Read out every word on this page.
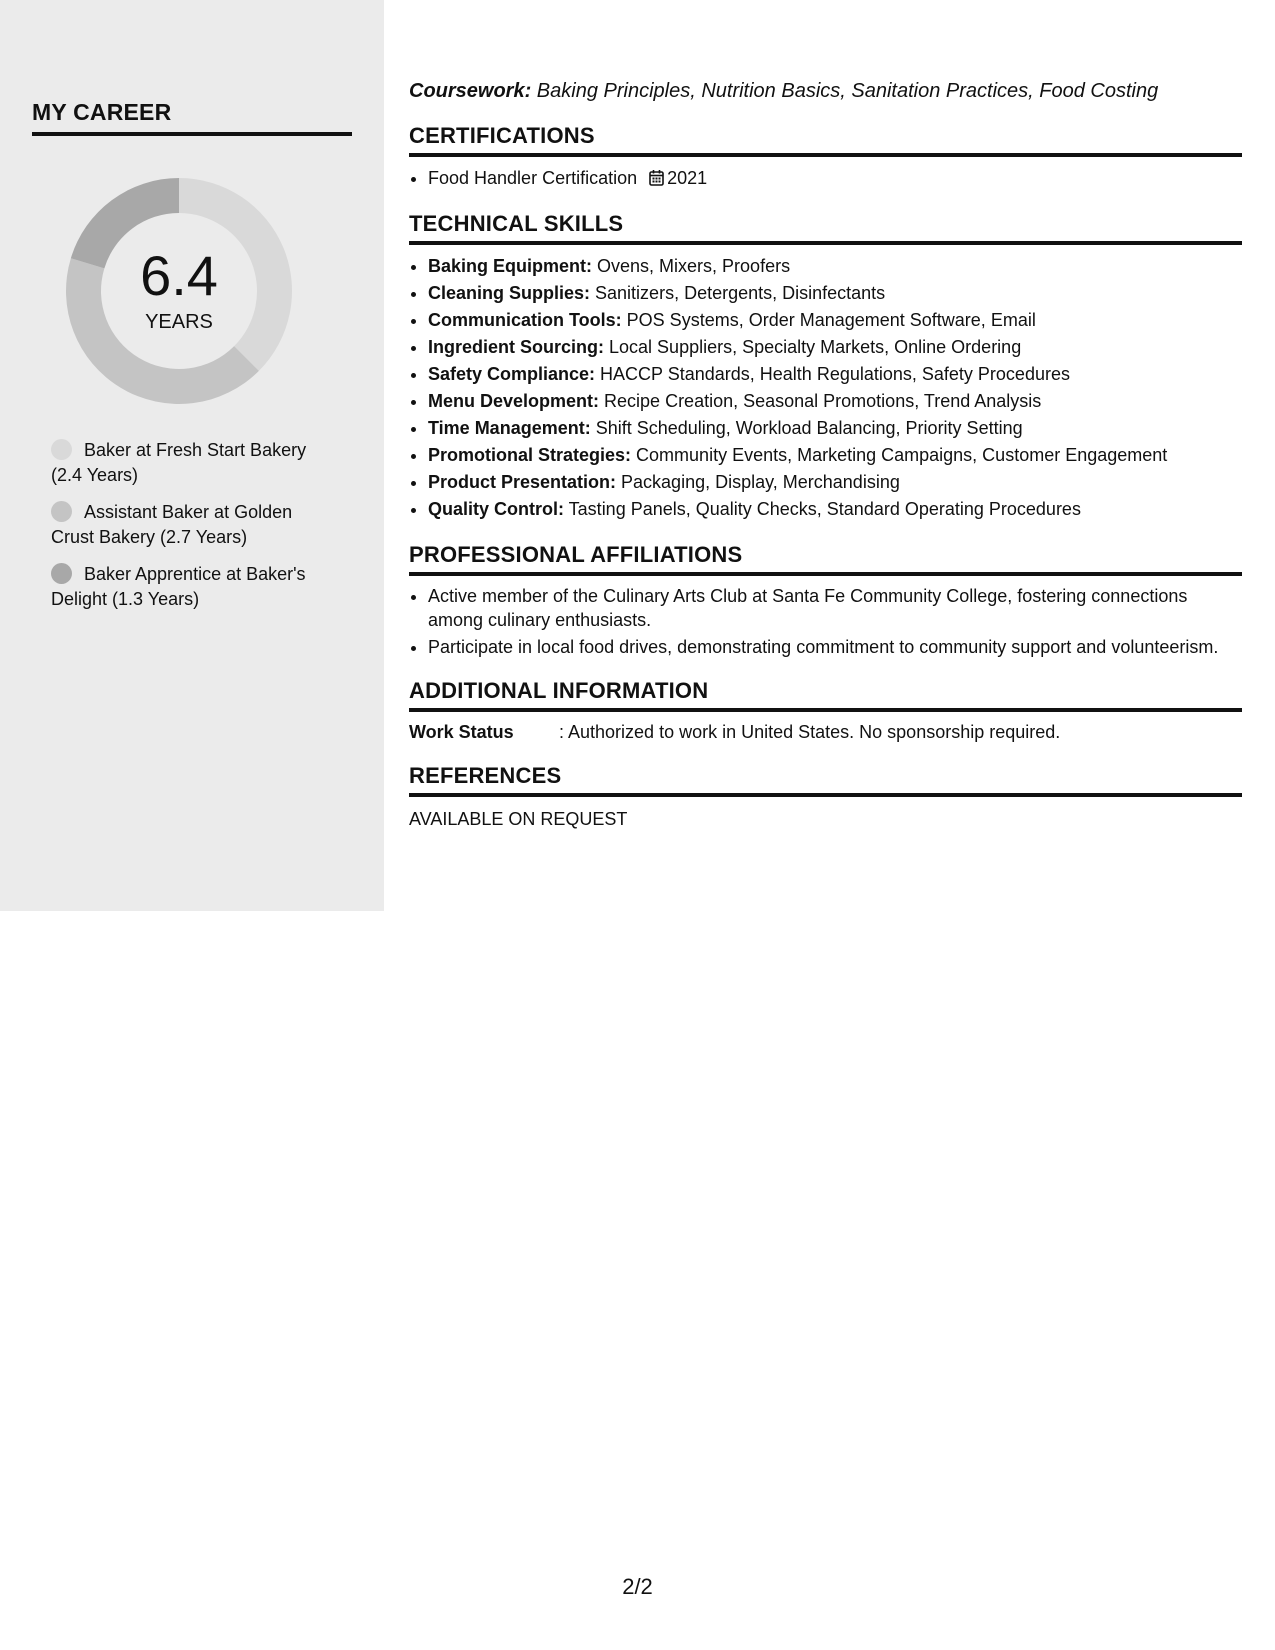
MY CAREER
6.4
YEARS
Baker at Fresh Start Bakery (2.4 Years)
Assistant Baker at Golden Crust Bakery (2.7 Years)
Baker Apprentice at Baker's Delight (1.3 Years)

Coursework: Baking Principles, Nutrition Basics, Sanitation Practices, Food Costing

CERTIFICATIONS
• Food Handler Certification 2021
TECHNICAL SKILLS
• Baking Equipment: Ovens, Mixers, Proofers
• Cleaning Supplies: Sanitizers, Detergents, Disinfectants
• Communication Tools: POS Systems, Order Management Software, Email
• Ingredient Sourcing: Local Suppliers, Specialty Markets, Online Ordering
• Safety Compliance: HACCP Standards, Health Regulations, Safety Procedures
• Menu Development: Recipe Creation, Seasonal Promotions, Trend Analysis
• Time Management: Shift Scheduling, Workload Balancing, Priority Setting
• Promotional Strategies: Community Events, Marketing Campaigns, Customer Engagement
• Product Presentation: Packaging, Display, Merchandising
• Quality Control: Tasting Panels, Quality Checks, Standard Operating Procedures
PROFESSIONAL AFFILIATIONS
• Active member of the Culinary Arts Club at Santa Fe Community College, fostering connections among culinary enthusiasts.
• Participate in local food drives, demonstrating commitment to community support and volunteerism.
ADDITIONAL INFORMATION
Work Status	: Authorized to work in United States. No sponsorship required.
REFERENCES

AVAILABLE ON REQUEST

2/2
